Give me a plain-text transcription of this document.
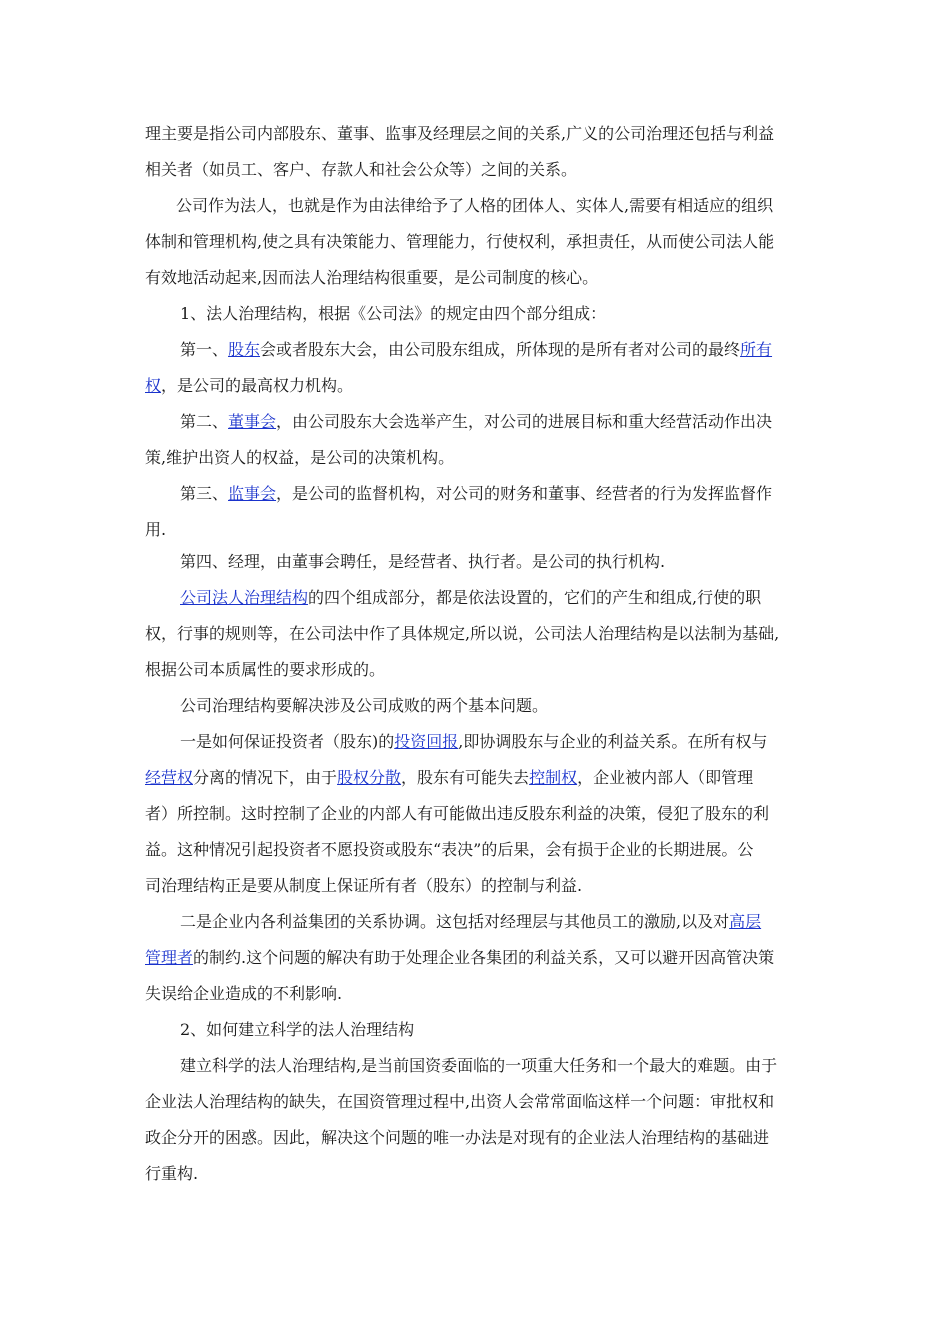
理主要是指公司内部股东、董事、监事及经理层之间的关系,广义的公司治理还包括与利益
相关者（如员工、客户、存款人和社会公众等）之间的关系。
公司作为法人，也就是作为由法律给予了人格的团体人、实体人,需要有相适应的组织
体制和管理机构,使之具有决策能力、管理能力，行使权利，承担责任，从而使公司法人能
有效地活动起来,因而法人治理结构很重要，是公司制度的核心。
1、法人治理结构，根据《公司法》的规定由四个部分组成：
第一、股东会或者股东大会，由公司股东组成，所体现的是所有者对公司的最终所有
权，是公司的最高权力机构。
第二、董事会，由公司股东大会选举产生，对公司的进展目标和重大经营活动作出决
策,维护出资人的权益，是公司的决策机构。
第三、监事会，是公司的监督机构，对公司的财务和董事、经营者的行为发挥监督作
用.
第四、经理，由董事会聘任，是经营者、执行者。是公司的执行机构.
公司法人治理结构的四个组成部分，都是依法设置的，它们的产生和组成,行使的职
权，行事的规则等，在公司法中作了具体规定,所以说，公司法人治理结构是以法制为基础,
根据公司本质属性的要求形成的。
公司治理结构要解决涉及公司成败的两个基本问题。
一是如何保证投资者（股东)的投资回报,即协调股东与企业的利益关系。在所有权与
经营权分离的情况下，由于股权分散，股东有可能失去控制权，企业被内部人（即管理
者）所控制。这时控制了企业的内部人有可能做出违反股东利益的决策，侵犯了股东的利
益。这种情况引起投资者不愿投资或股东“表决”的后果，会有损于企业的长期进展。公
司治理结构正是要从制度上保证所有者（股东）的控制与利益.
二是企业内各利益集团的关系协调。这包括对经理层与其他员工的激励,以及对高层
管理者的制约.这个问题的解决有助于处理企业各集团的利益关系，又可以避开因高管决策
失误给企业造成的不利影响.
2、如何建立科学的法人治理结构
建立科学的法人治理结构,是当前国资委面临的一项重大任务和一个最大的难题。由于
企业法人治理结构的缺失，在国资管理过程中,出资人会常常面临这样一个问题：审批权和
政企分开的困惑。因此，解决这个问题的唯一办法是对现有的企业法人治理结构的基础进
行重构.
